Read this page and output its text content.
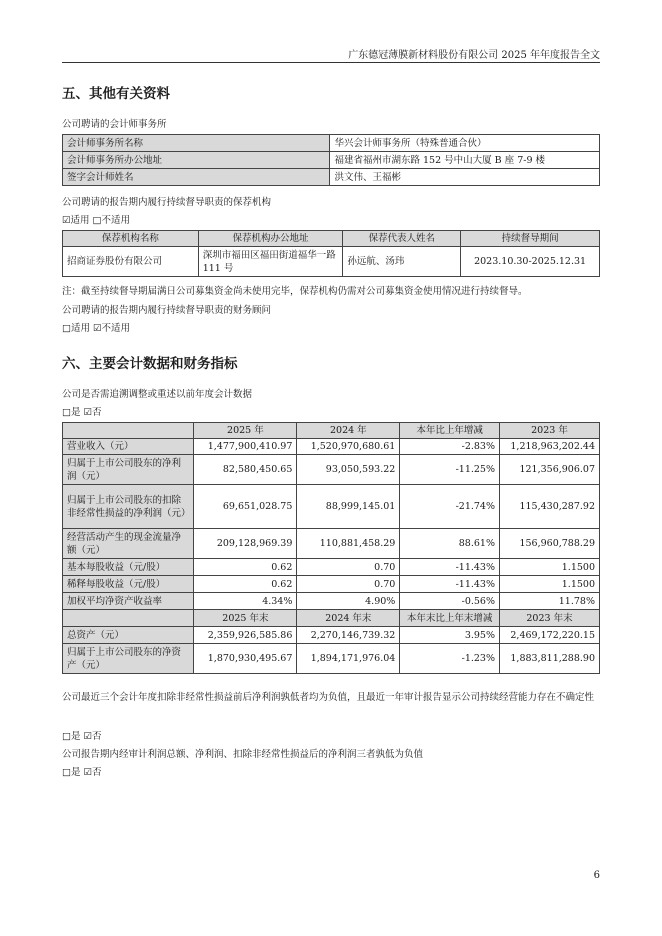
广东德冠薄膜新材料股份有限公司 2025 年年度报告全文
五、其他有关资料
公司聘请的会计师事务所
会计师事务所名称	华兴会计师事务所（特殊普通合伙）
会计师事务所办公地址	福建省福州市湖东路 152 号中山大厦 B 座 7-9 楼
签字会计师姓名	洪文伟、王福彬
公司聘请的报告期内履行持续督导职责的保荐机构
☑适用 □不适用
保荐机构名称	保荐机构办公地址	保荐代表人姓名	持续督导期间
招商证券股份有限公司	深圳市福田区福田街道福华一路 111 号	孙远航、汤玮	2023.10.30-2025.12.31
注：截至持续督导期届满日公司募集资金尚未使用完毕，保荐机构仍需对公司募集资金使用情况进行持续督导。
公司聘请的报告期内履行持续督导职责的财务顾问
□适用 ☑不适用
六、主要会计数据和财务指标
公司是否需追溯调整或重述以前年度会计数据
□是 ☑否
	2025 年	2024 年	本年比上年增减	2023 年
营业收入（元）	1,477,900,410.97	1,520,970,680.61	-2.83%	1,218,963,202.44
归属于上市公司股东的净利润（元）	82,580,450.65	93,050,593.22	-11.25%	121,356,906.07
归属于上市公司股东的扣除非经常性损益的净利润（元）	69,651,028.75	88,999,145.01	-21.74%	115,430,287.92
经营活动产生的现金流量净额（元）	209,128,969.39	110,881,458.29	88.61%	156,960,788.29
基本每股收益（元/股）	0.62	0.70	-11.43%	1.1500
稀释每股收益（元/股）	0.62	0.70	-11.43%	1.1500
加权平均净资产收益率	4.34%	4.90%	-0.56%	11.78%
	2025 年末	2024 年末	本年末比上年末增减	2023 年末
总资产（元）	2,359,926,585.86	2,270,146,739.32	3.95%	2,469,172,220.15
归属于上市公司股东的净资产（元）	1,870,930,495.67	1,894,171,976.04	-1.23%	1,883,811,288.90
公司最近三个会计年度扣除非经常性损益前后净利润孰低者均为负值，且最近一年审计报告显示公司持续经营能力存在不确定性
□是 ☑否
公司报告期内经审计利润总额、净利润、扣除非经常性损益后的净利润三者孰低为负值
□是 ☑否
6
